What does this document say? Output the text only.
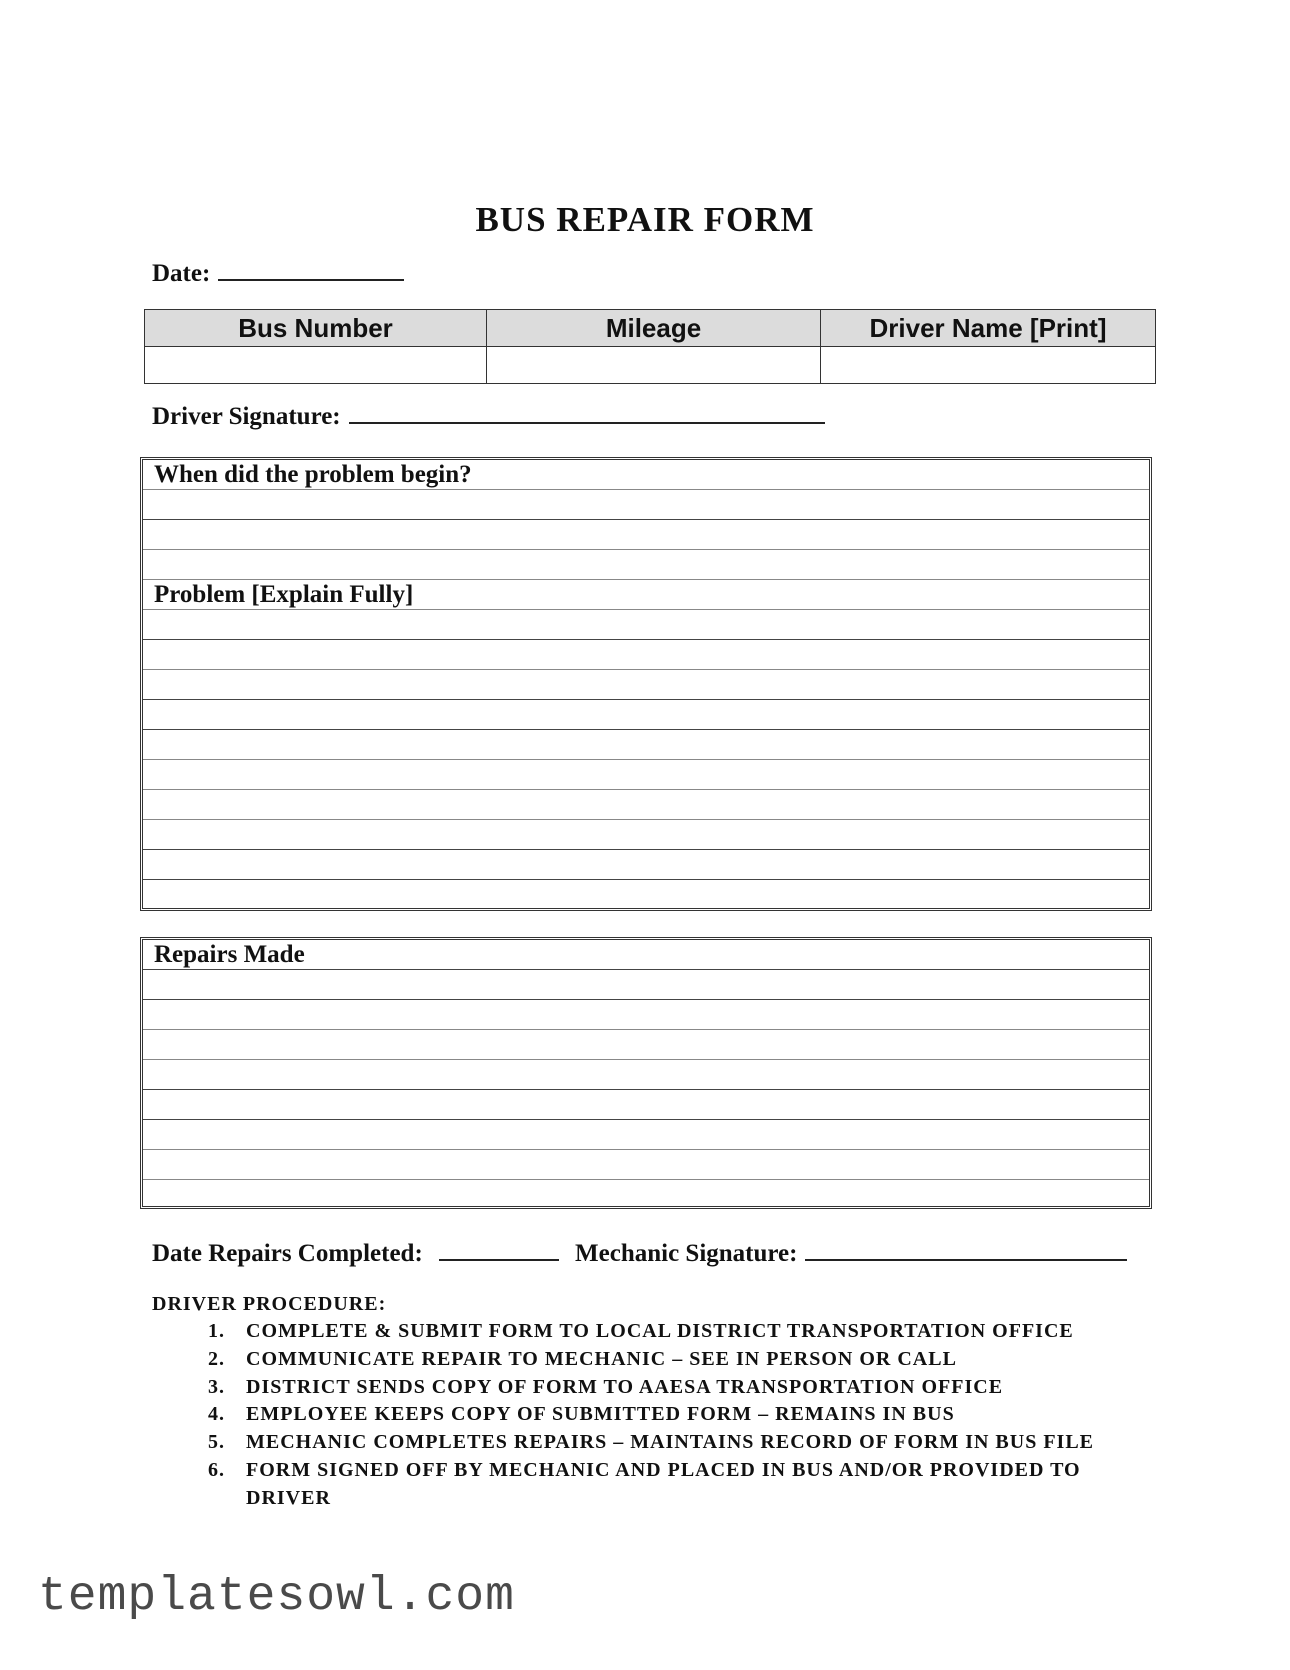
BUS REPAIR FORM
Date:
Bus Number	Mileage	Driver Name [Print]

Driver Signature:
When did the problem begin?
Problem [Explain Fully]
Repairs Made
Date Repairs Completed:	Mechanic Signature:
DRIVER PROCEDURE:
1. COMPLETE & SUBMIT FORM TO LOCAL DISTRICT TRANSPORTATION OFFICE
2. COMMUNICATE REPAIR TO MECHANIC – SEE IN PERSON OR CALL
3. DISTRICT SENDS COPY OF FORM TO AAESA TRANSPORTATION OFFICE
4. EMPLOYEE KEEPS COPY OF SUBMITTED FORM – REMAINS IN BUS
5. MECHANIC COMPLETES REPAIRS – MAINTAINS RECORD OF FORM IN BUS FILE
6. FORM SIGNED OFF BY MECHANIC AND PLACED IN BUS AND/OR PROVIDED TO DRIVER
templatesowl.com
